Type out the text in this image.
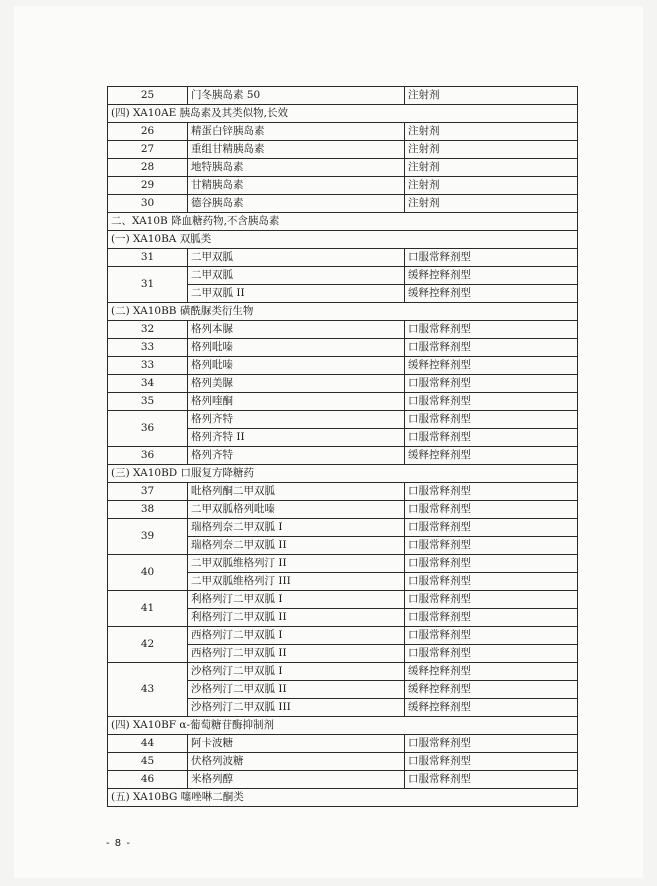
25	门冬胰岛素 50	注射剂
(四) XA10AE 胰岛素及其类似物,长效		
26	精蛋白锌胰岛素	注射剂
27	重组甘精胰岛素	注射剂
28	地特胰岛素	注射剂
29	甘精胰岛素	注射剂
30	德谷胰岛素	注射剂
二、XA10B 降血糖药物,不含胰岛素		
(一) XA10BA 双胍类		
31	二甲双胍	口服常释剂型
31	二甲双胍	缓释控释剂型
	二甲双胍 II	缓释控释剂型
(二) XA10BB 磺酰脲类衍生物		
32	格列本脲	口服常释剂型
33	格列吡嗪	口服常释剂型
33	格列吡嗪	缓释控释剂型
34	格列美脲	口服常释剂型
35	格列喹酮	口服常释剂型
36	格列齐特	口服常释剂型
	格列齐特 II	口服常释剂型
36	格列齐特	缓释控释剂型
(三) XA10BD 口服复方降糖药		
37	吡格列酮二甲双胍	口服常释剂型
38	二甲双胍格列吡嗪	口服常释剂型
39	瑞格列奈二甲双胍 I	口服常释剂型
	瑞格列奈二甲双胍 II	口服常释剂型
40	二甲双胍维格列汀 II	口服常释剂型
	二甲双胍维格列汀 III	口服常释剂型
41	利格列汀二甲双胍 I	口服常释剂型
	利格列汀二甲双胍 II	口服常释剂型
42	西格列汀二甲双胍 I	口服常释剂型
	西格列汀二甲双胍 II	口服常释剂型
43	沙格列汀二甲双胍 I	缓释控释剂型
	沙格列汀二甲双胍 II	缓释控释剂型
	沙格列汀二甲双胍 III	缓释控释剂型
(四) XA10BF α-葡萄糖苷酶抑制剂		
44	阿卡波糖	口服常释剂型
45	伏格列波糖	口服常释剂型
46	米格列醇	口服常释剂型
(五) XA10BG 噻唑啉二酮类		
- 8 -
